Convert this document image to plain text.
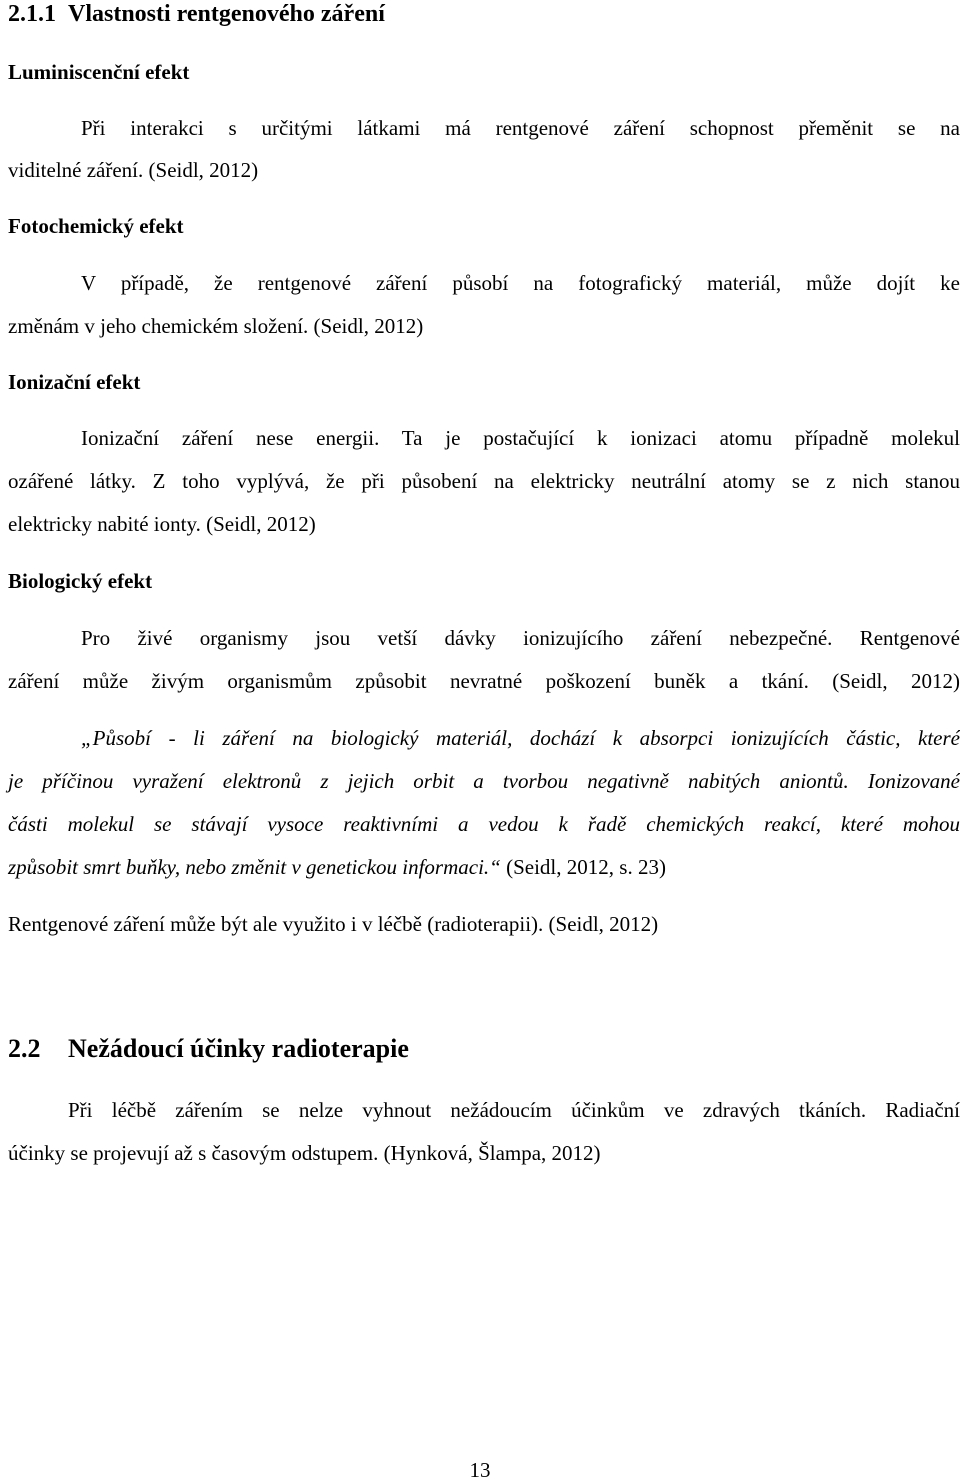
2.1.1 Vlastnosti rentgenového záření
Luminiscenční efekt
Při interakci s určitými látkami má rentgenové záření schopnost přeměnit se na
viditelné záření. (Seidl, 2012)
Fotochemický efekt
V případě, že rentgenové záření působí na fotografický materiál, může dojít ke
změnám v jeho chemickém složení. (Seidl, 2012)
Ionizační efekt
Ionizační záření nese energii. Ta je postačující k ionizaci atomu případně molekul
ozářené látky. Z toho vyplývá, že při působení na elektricky neutrální atomy se z nich stanou
elektricky nabité ionty. (Seidl, 2012)
Biologický efekt
Pro živé organismy jsou vetší dávky ionizujícího záření nebezpečné. Rentgenové
záření může živým organismům způsobit nevratné poškození buněk a tkání. (Seidl, 2012)
„Působí - li záření na biologický materiál, dochází k absorpci ionizujících částic, které
je příčinou vyražení elektronů z jejich orbit a tvorbou negativně nabitých aniontů. Ionizované
části molekul se stávají vysoce reaktivními a vedou k řadě chemických reakcí, které mohou
způsobit smrt buňky, nebo změnit v genetickou informaci.“ (Seidl, 2012, s. 23)
Rentgenové záření může být ale využito i v léčbě (radioterapii). (Seidl, 2012)
2.2 Nežádoucí účinky radioterapie
Při léčbě zářením se nelze vyhnout nežádoucím účinkům ve zdravých tkáních. Radiační
účinky se projevují až s časovým odstupem. (Hynková, Šlampa, 2012)
13
